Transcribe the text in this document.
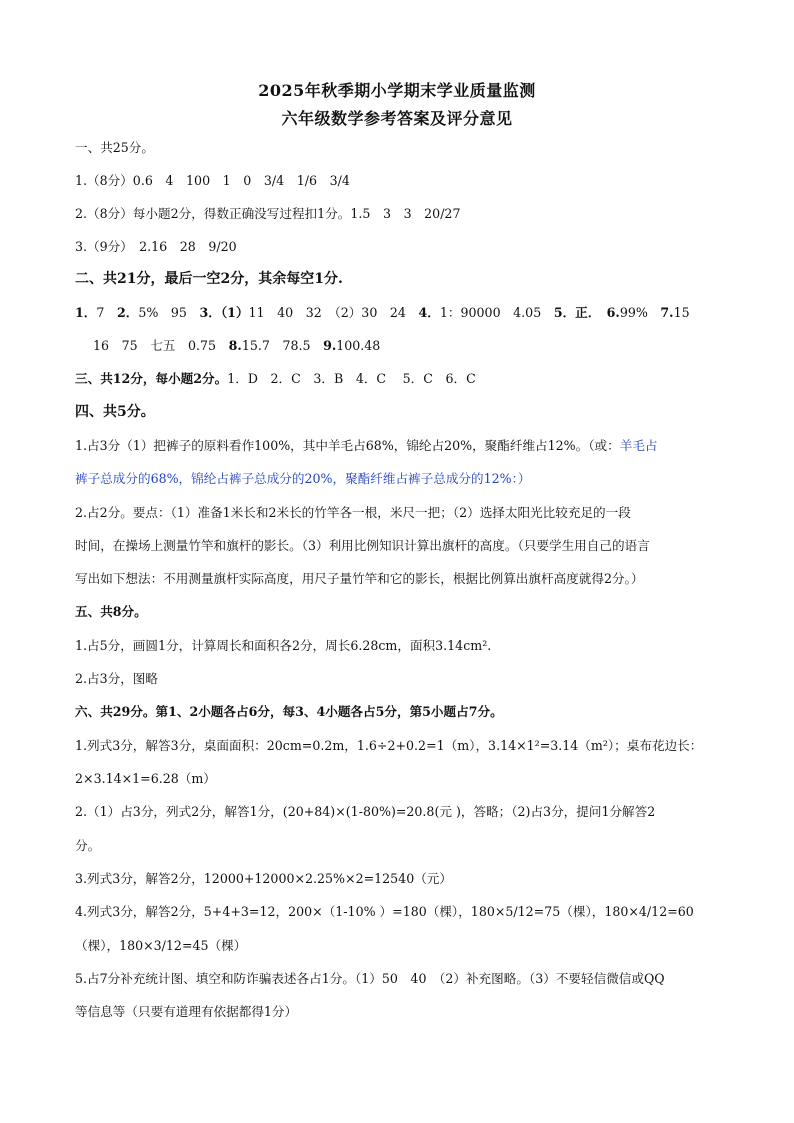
2025年秋季期小学期末学业质量监测
六年级数学参考答案及评分意见
一、共25分。
1.（8分）0.6　4　100　1　0　3/4　1/6　3/4
2.（8分）每小题2分，得数正确没写过程扣1分。1.5　3　3　20/27
3.（9分）　2.16　28　9/20
二、共21分，最后一空2分，其余每空1分.
1．7　2．5%　95　3．（1）11　40　32　（2）30　24　4．1：90000　4.05　5．正．　6.99%　7.15
16　75　七五　0.75　8.15.7　78.5　9.100.48
三、共12分，每小题2分。1．D　2．C　3．B　4．C　 5．C　6．C
四、共5分。
1.占3分（1）把裤子的原料看作100%，其中羊毛占68%，锦纶占20%，聚酯纤维占12%。（或：羊毛占
裤子总成分的68%，锦纶占裤子总成分的20%，聚酯纤维占裤子总成分的12%：）
2.占2分。要点：（1）准备1米长和2米长的竹竿各一根，米尺一把；（2）选择太阳光比较充足的一段
时间，在操场上测量竹竿和旗杆的影长。（3）利用比例知识计算出旗杆的高度。（只要学生用自己的语言
写出如下想法：不用测量旗杆实际高度，用尺子量竹竿和它的影长，根据比例算出旗杆高度就得2分。）
五、共8分。
1.占5分，画圆1分，计算周长和面积各2分，周长6.28cm，面积3.14cm².
2.占3分，图略
六、共29分。第1、2小题各占6分，每3、4小题各占5分，第5小题占7分。
1.列式3分，解答3分，桌面面积：20cm=0.2m，1.6÷2+0.2=1（m），3.14×1²=3.14（m²）；桌布花边长：
2×3.14×1=6.28（m）
2.（1）占3分，列式2分，解答1分，(20+84)×(1-80%)=20.8(元 )，答略；（2)占3分，提问1分解答2
分。
3.列式3分，解答2分，12000+12000×2.25%×2=12540（元）
4.列式3分，解答2分，5+4+3=12，200×（1-10% ）=180（棵），180×5/12=75（棵），180×4/12=60
（棵），180×3/12=45（棵）
5.占7分补充统计图、填空和防诈骗表述各占1分。（1）50　40　（2）补充图略。（3）不要轻信微信或QQ
等信息等（只要有道理有依据都得1分）
